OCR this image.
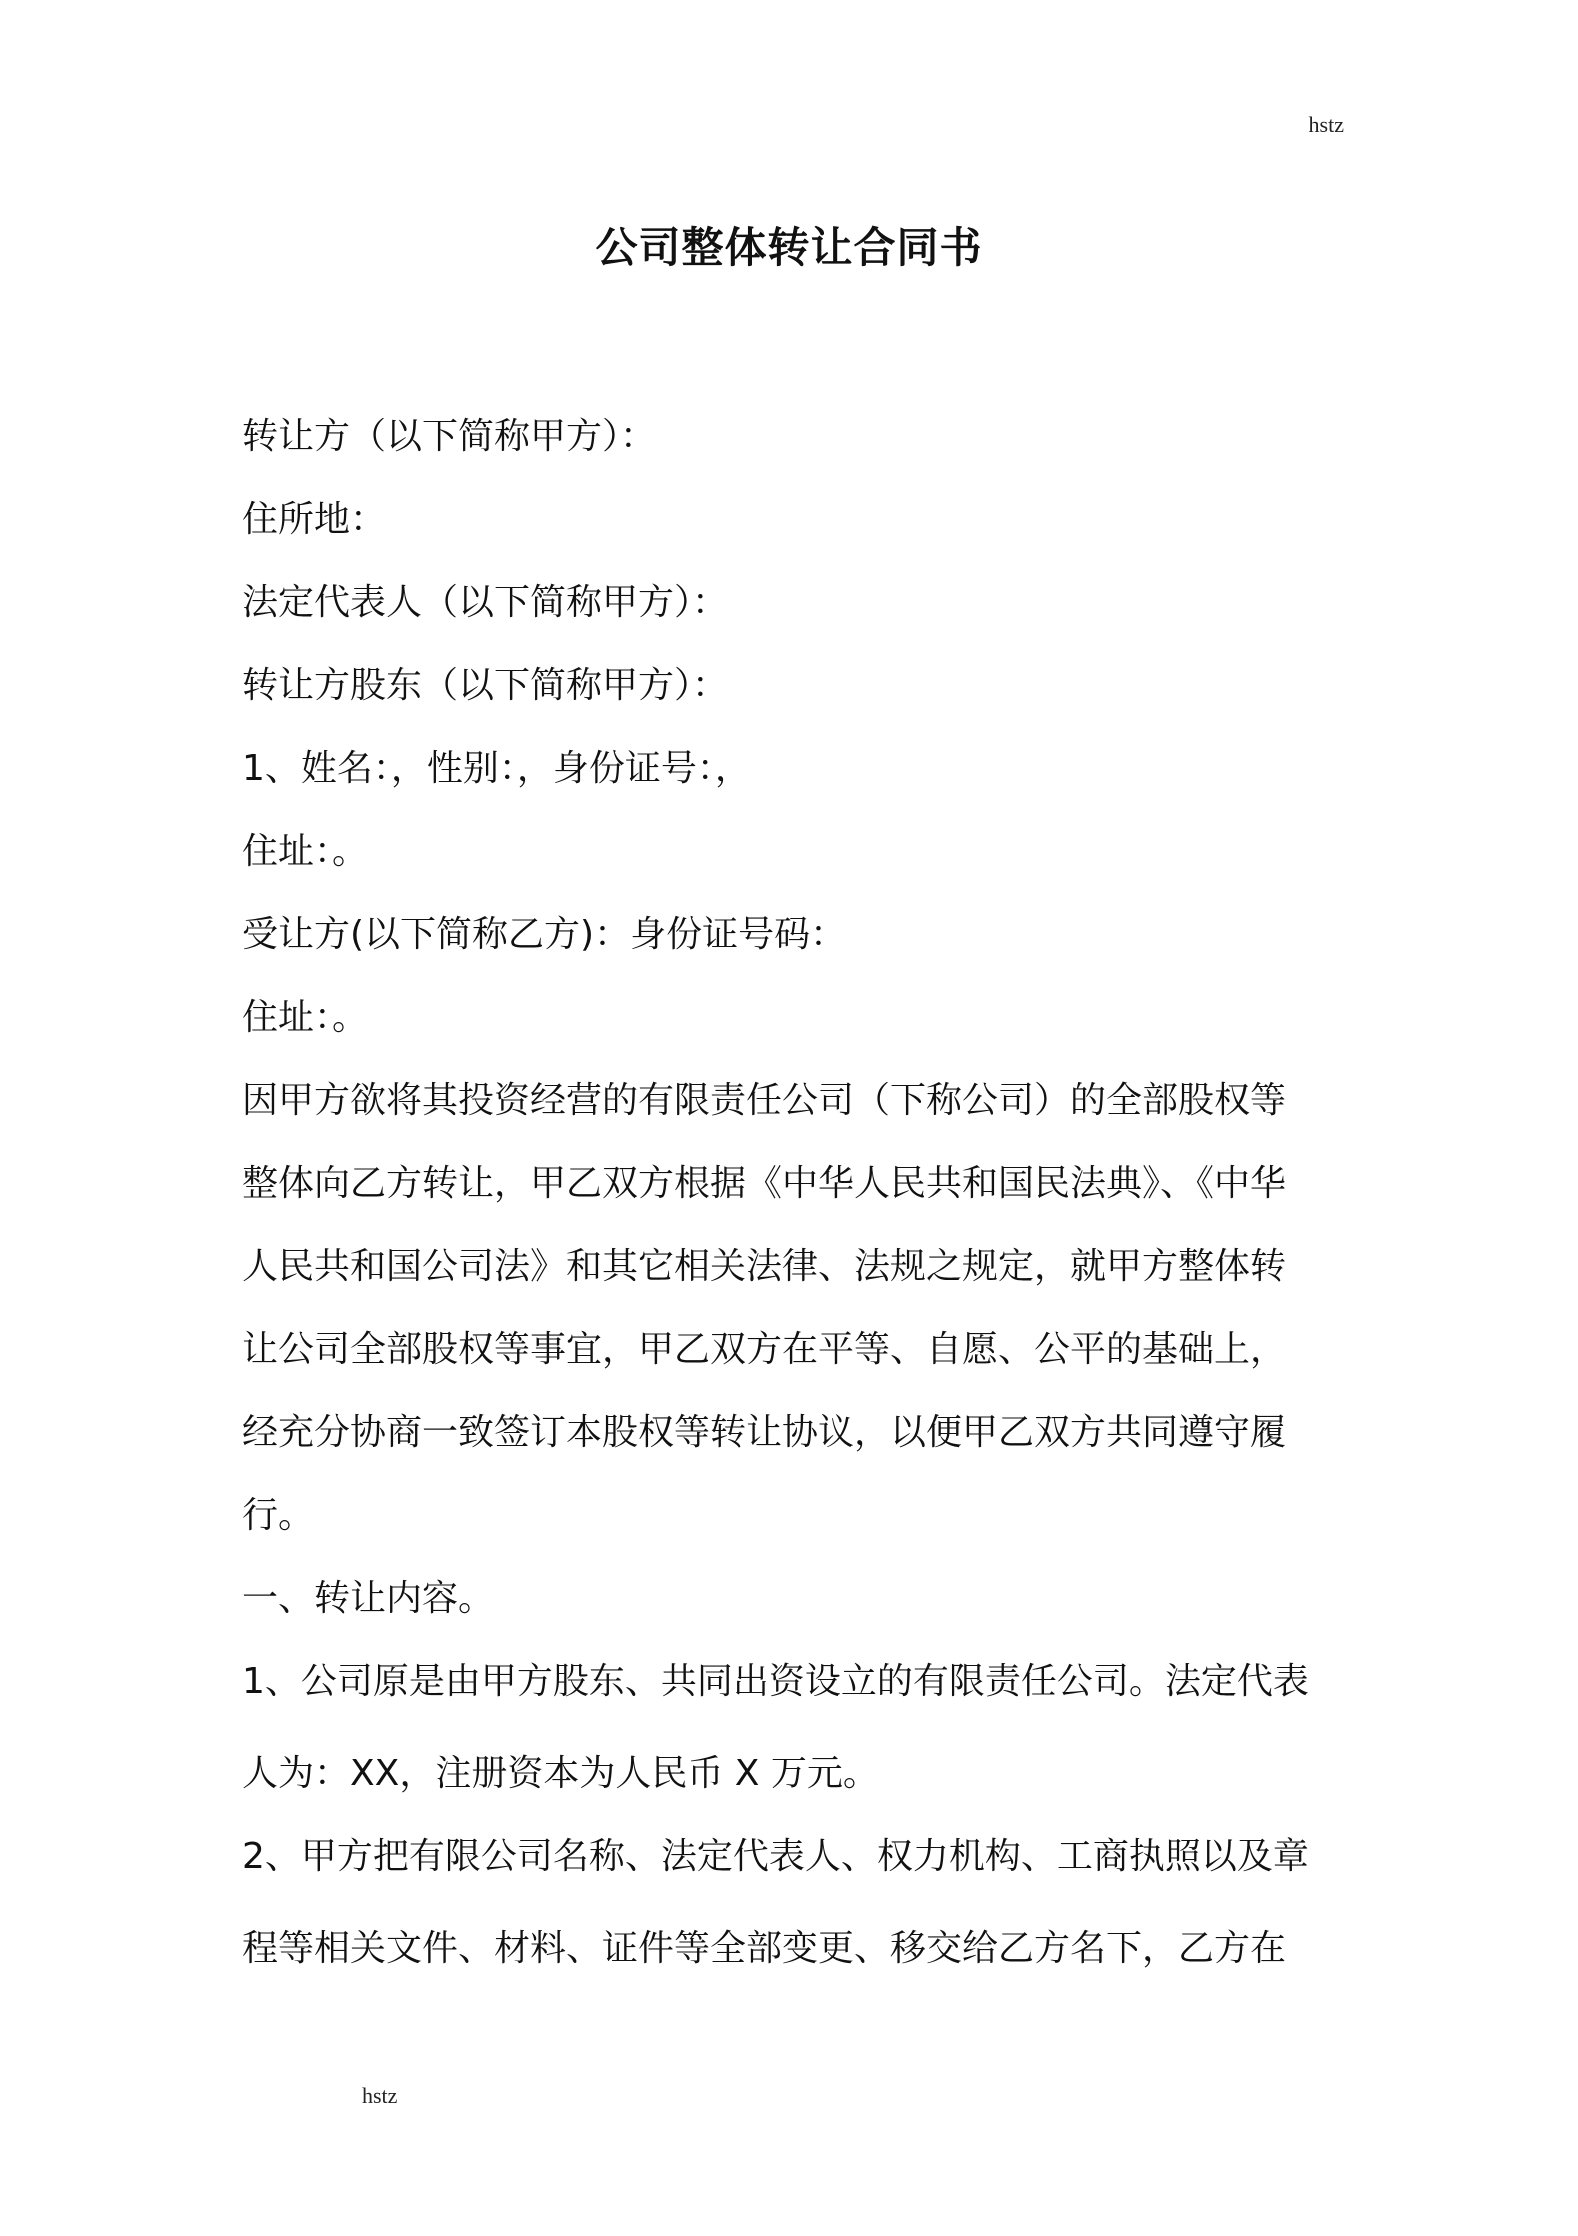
hstz
公司整体转让合同书
转让方（以下简称甲方）：
住所地：
法定代表人（以下简称甲方）：
转让方股东（以下简称甲方）：
1、姓名：，性别：，身份证号：，
住址：。
受让方(以下简称乙方)：身份证号码：
住址：。
因甲方欲将其投资经营的有限责任公司（下称公司）的全部股权等
整体向乙方转让，甲乙双方根据《中华人民共和国民法典》、《中华
人民共和国公司法》和其它相关法律、法规之规定，就甲方整体转
让公司全部股权等事宜，甲乙双方在平等、自愿、公平的基础上，
经充分协商一致签订本股权等转让协议，以便甲乙双方共同遵守履
行。
一、转让内容。
1、公司原是由甲方股东、共同出资设立的有限责任公司。法定代表
人为：XX，注册资本为人民币 X 万元。
2、甲方把有限公司名称、法定代表人、权力机构、工商执照以及章
程等相关文件、材料、证件等全部变更、移交给乙方名下，乙方在
hstz
